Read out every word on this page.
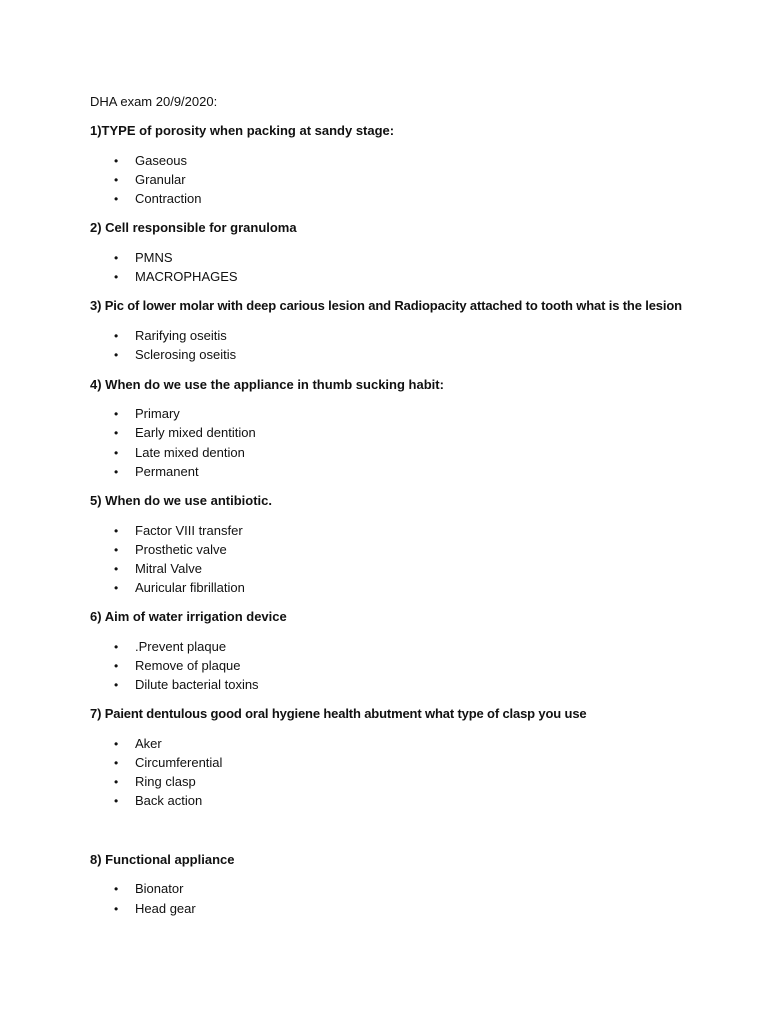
DHA exam 20/9/2020:
1)TYPE of porosity when packing at sandy stage:
•	Gaseous
•	Granular
•	Contraction
2) Cell responsible for granuloma
•	PMNS
•	MACROPHAGES
3) Pic of lower molar with deep carious lesion and Radiopacity attached to tooth what is the lesion
•	Rarifying oseitis
•	Sclerosing oseitis
4) When do we use the appliance in thumb sucking habit:
•	Primary
•	Early mixed dentition
•	Late mixed dention
•	Permanent
5) When do we use antibiotic.
•	Factor VIII transfer
•	Prosthetic valve
•	Mitral Valve
•	Auricular fibrillation
6) Aim of water irrigation device
•	.Prevent plaque
•	Remove of plaque
•	Dilute bacterial toxins
7) Paient dentulous good oral hygiene health abutment what type of clasp you use
•	Aker
•	Circumferential
•	Ring clasp
•	Back action
8) Functional appliance
•	Bionator
•	Head gear
